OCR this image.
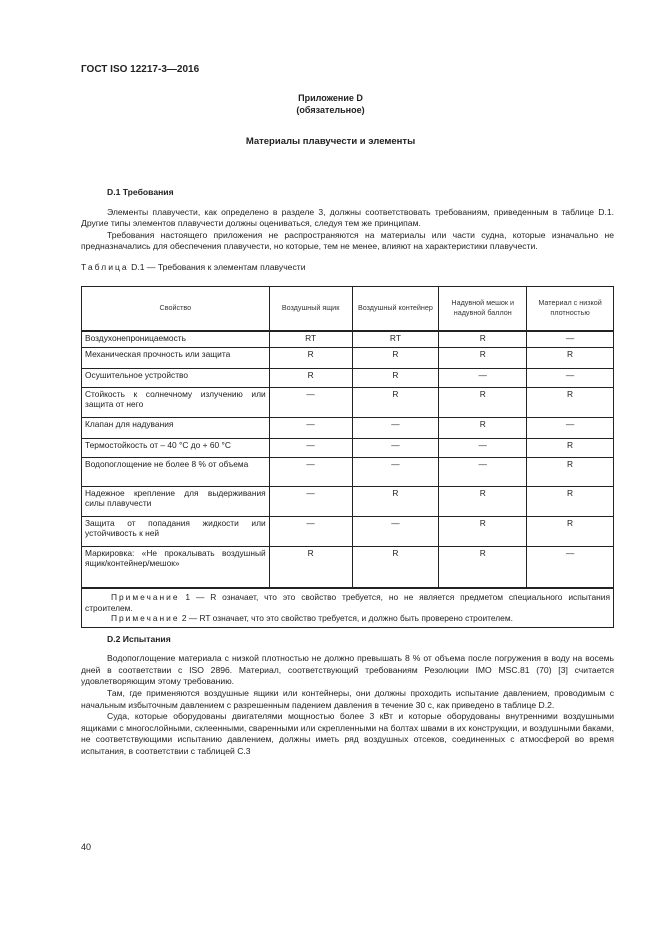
ГОСТ ISO 12217-3—2016
Приложение D
(обязательное)
Материалы плавучести и элементы
D.1 Требования

Элементы плавучести, как определено в разделе 3, должны соответствовать требованиям, приведенным в таблице D.1. Другие типы элементов плавучести должны оцениваться, следуя тем же принципам.

Требования настоящего приложения не распространяются на материалы или части судна, которые изначально не предназначались для обеспечения плавучести, но которые, тем не менее, влияют на характеристики плавучести.

Таблица D.1 — Требования к элементам плавучести
Свойство	Воздушный ящик	Воздушный контейнер	Надувной мешок и надувной баллон	Материал с низкой плотностью
Воздухонепроницаемость	RT	RT	R	—
Механическая прочность или защита	R	R	R	R
Осушительное устройство	R	R	—	—
Стойкость к солнечному излучению или защита от него	—	R	R	R
Клапан для надувания	—	—	R	—
Термостойкость от – 40 °C до + 60 °C	—	—	—	R
Водопоглощение не более 8 % от объема	—	—	—	R
Надежное крепление для выдерживания силы плавучести	—	R	R	R
Защита от попадания жидкости или устойчивость к ней	—	—	R	R
Маркировка: «Не прокалывать воздушный ящик/контейнер/мешок»	R	R	R	—

Примечание 1 — R означает, что это свойство требуется, но не является предметом специального испытания строителем.

Примечание 2 — RT означает, что это свойство требуется, и должно быть проверено строителем.				

D.2 Испытания

Водопоглощение материала с низкой плотностью не должно превышать 8 % от объема после погружения в воду на восемь дней в соответствии с ISO 2896. Материал, соответствующий требованиям Резолюции IMO MSC.81 (70) [3] считается удовлетворяющим этому требованию.

Там, где применяются воздушные ящики или контейнеры, они должны проходить испытание давлением, проводимым с начальным избыточным давлением с разрешенным падением давления в течение 30 с, как приведено в таблице D.2.

Суда, которые оборудованы двигателями мощностью более 3 кВт и которые оборудованы внутренними воздушными ящиками с многослойными, склеенными, сваренными или скрепленными на болтах швами в их конструкции, и воздушными баками, не соответствующими испытанию давлением, должны иметь ряд воздушных отсеков, соединенных с атмосферой во время испытания, в соответствии с таблицей С.3

40
